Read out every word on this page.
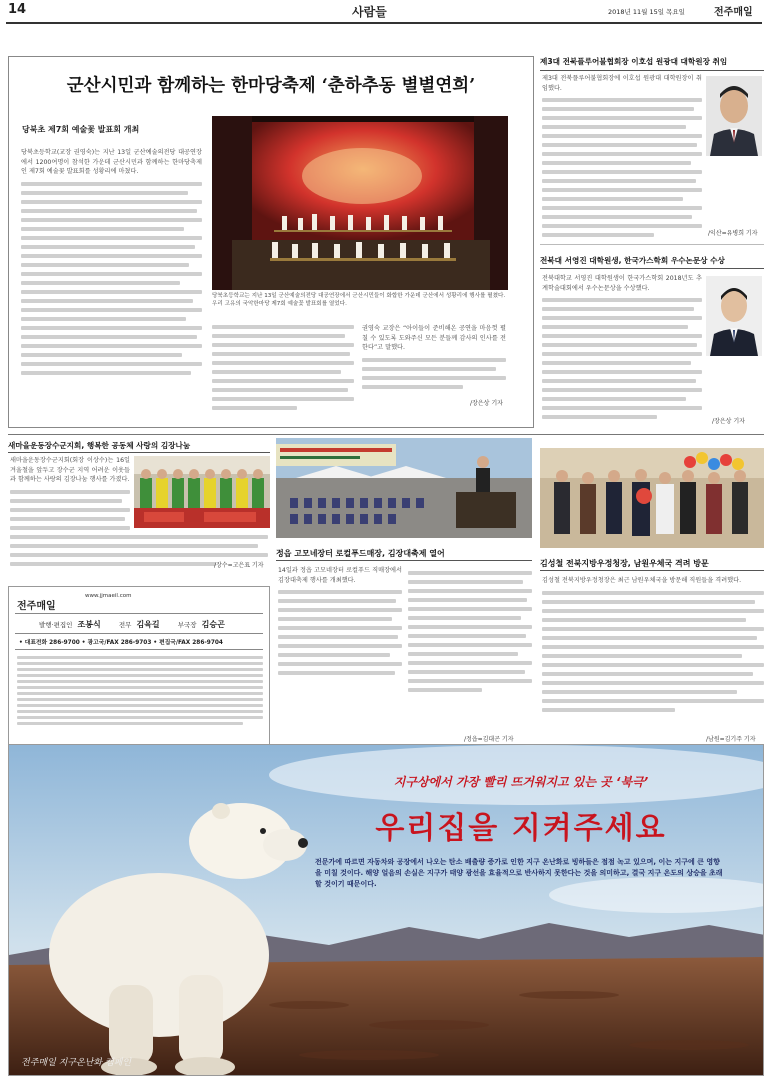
14	사람들	2018년 11월 15일 목요일	전주매일
군산시민과 함께하는 한마당축제 ‘춘하추동 별별연희’
당북초 제7회 예술꽃 발표회 개최
당북초등학교(교장 권영숙)는 지난 13일 군산예술의전당 대공연장에서 1200여명이 참석한 가운데 군산시민과 함께하는 한마당축제인 제7회 예술꽃 발표회를 성황리에 마쳤다.
당북초등학교는 지난 13일 군산예술의전당 대공연장에서 군산시민들이 화합한 가운데 군산에서 성황리에 행사를 펼쳤다. 우리 고유의 국악한마당 제7회 예술꽃 발표회를 열었다.
권영숙 교장은 “아이들이 준비해온 공연을 마음껏 펼칠 수 있도록 도와주신 모든 분들께 감사의 인사를 전한다”고 말했다.
/장은상 기자
제3대 전북플루어불협회장 이호섭 원광대 대학원장 취임
제3대 전북플루어불협회장에 이호섭 원광대 대학원장이 취임했다.
/익산=유병희 기자
전북대 서영진 대학원생, 한국가스학회 우수논문상 수상
전북대학교 서영진 대학원생이 한국가스학회 2018년도 추계학술대회에서 우수논문상을 수상했다.
/장은상 기자
새마을운동장수군지회, 행복한 공동체 사랑의 김장나눔
새마을운동장수군지회(회장 이상수)는 16일 겨울철을 앞두고 장수군 지역 어려운 이웃들과 함께하는 사랑의 김장나눔 행사를 가졌다.
/장수=고은표 기자
전주매일
www.jjmaeil.com
발행·편집인 조봉식	전무 김육길	부국장 김승곤
• 대표전화 286-9700 • 광고국/FAX 286-9703 • 편집국/FAX 286-9704
정읍 고모네장터 로컬푸드매장, 김장대축제 열어
14일과 정읍 고모네장터 로컬푸드 직매장에서 김장대축제 행사를 개최했다.
/정읍=김대곤 기자
김성철 전북지방우정청장, 남원우체국 격려 방문
김성철 전북지방우정청장은 최근 남원우체국을 방문해 직원들을 격려했다.
/남원=김기주 기자
지구상에서 가장 빨리 뜨거워지고 있는 곳 ‘북극’
우리집을 지켜주세요
전문가에 따르면 자동차와 공장에서 나오는 탄소 배출량 증가로 인한 지구 온난화로 빙하들은 점점 녹고 있으며, 이는 지구에 큰 영향을 미칠 것이다. 해양 얼음의 손실은 지구가 태양 광선을 효율적으로 반사하지 못한다는 것을 의미하고, 결국 지구 온도의 상승을 초래할 것이기 때문이다.
전주매일 지구온난화 캠페인
